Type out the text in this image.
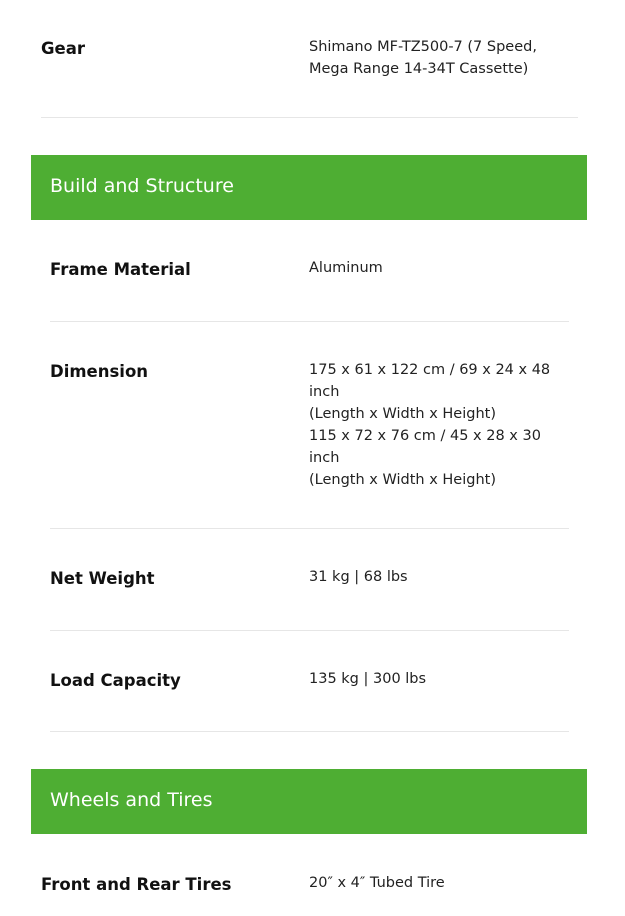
Gear	Shimano MF-TZ500-7 (7 Speed,
Mega Range 14-34T Cassette)
Build and Structure
Frame Material	Aluminum
Dimension	175 x 61 x 122 cm / 69 x 24 x 48
inch
(Length x Width x Height)
115 x 72 x 76 cm / 45 x 28 x 30
inch
(Length x Width x Height)
Net Weight	31 kg | 68 lbs
Load Capacity	135 kg | 300 lbs
Wheels and Tires
Front and Rear Tires	20″ x 4″ Tubed Tire
